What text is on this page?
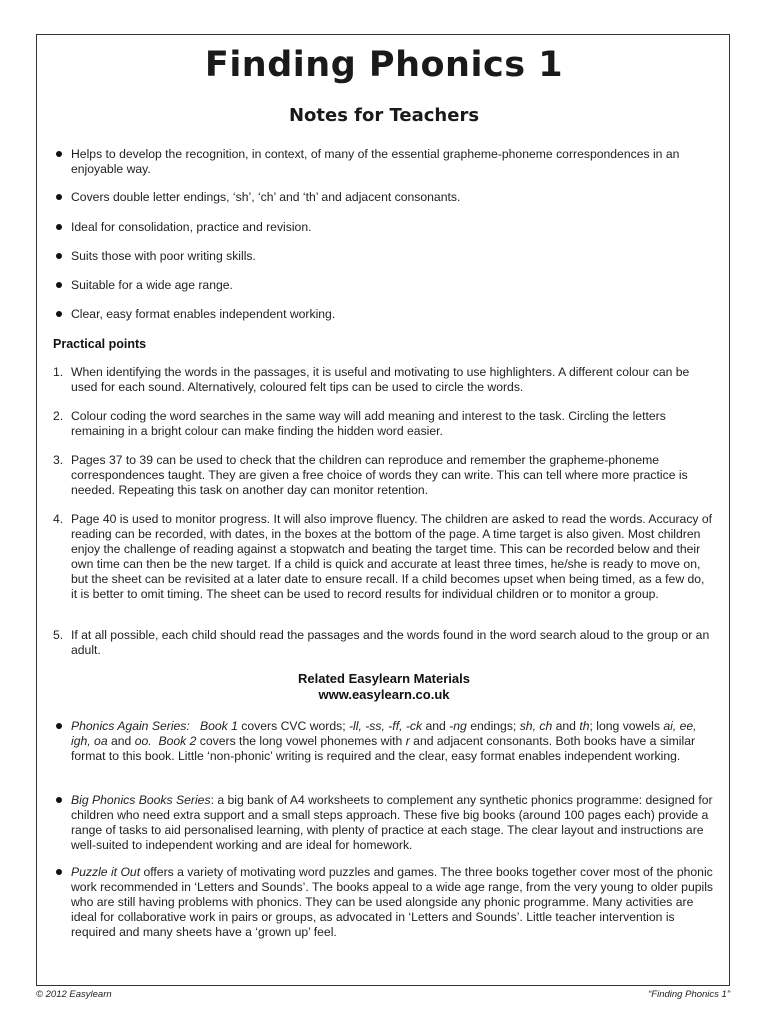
Finding Phonics 1
Notes for Teachers
Helps to develop the recognition, in context, of many of the essential grapheme-phoneme correspondences in an enjoyable way.
Covers double letter endings, ‘sh’, ‘ch’ and ‘th’ and adjacent consonants.
Ideal for consolidation, practice and revision.
Suits those with poor writing skills.
Suitable for a wide age range.
Clear, easy format enables independent working.
Practical points
1. When identifying the words in the passages, it is useful and motivating to use highlighters. A different colour can be used for each sound. Alternatively, coloured felt tips can be used to circle the words.
2. Colour coding the word searches in the same way will add meaning and interest to the task. Circling the letters remaining in a bright colour can make finding the hidden word easier.
3. Pages 37 to 39 can be used to check that the children can reproduce and remember the grapheme-phoneme correspondences taught. They are given a free choice of words they can write. This can tell where more practice is needed. Repeating this task on another day can monitor retention.
4. Page 40 is used to monitor progress. It will also improve fluency. The children are asked to read the words. Accuracy of reading can be recorded, with dates, in the boxes at the bottom of the page. A time target is also given. Most children enjoy the challenge of reading against a stopwatch and beating the target time. This can be recorded below and their own time can then be the new target. If a child is quick and accurate at least three times, he/she is ready to move on, but the sheet can be revisited at a later date to ensure recall. If a child becomes upset when being timed, as a few do, it is better to omit timing. The sheet can be used to record results for individual children or to monitor a group.
5. If at all possible, each child should read the passages and the words found in the word search aloud to the group or an adult.
Related Easylearn Materials
www.easylearn.co.uk
Phonics Again Series: Book 1 covers CVC words; -ll, -ss, -ff, -ck and -ng endings; sh, ch and th; long vowels ai, ee, igh, oa and oo. Book 2 covers the long vowel phonemes with r and adjacent consonants. Both books have a similar format to this book. Little ‘non-phonic’ writing is required and the clear, easy format enables independent working.
Big Phonics Books Series: a big bank of A4 worksheets to complement any synthetic phonics programme: designed for children who need extra support and a small steps approach. These five big books (around 100 pages each) provide a range of tasks to aid personalised learning, with plenty of practice at each stage. The clear layout and instructions are well-suited to independent working and are ideal for homework.
Puzzle it Out offers a variety of motivating word puzzles and games. The three books together cover most of the phonic work recommended in ‘Letters and Sounds’. The books appeal to a wide age range, from the very young to older pupils who are still having problems with phonics. They can be used alongside any phonic programme. Many activities are ideal for collaborative work in pairs or groups, as advocated in ‘Letters and Sounds’. Little teacher intervention is required and many sheets have a ‘grown up’ feel.
© 2012 Easylearn	“Finding Phonics 1”
